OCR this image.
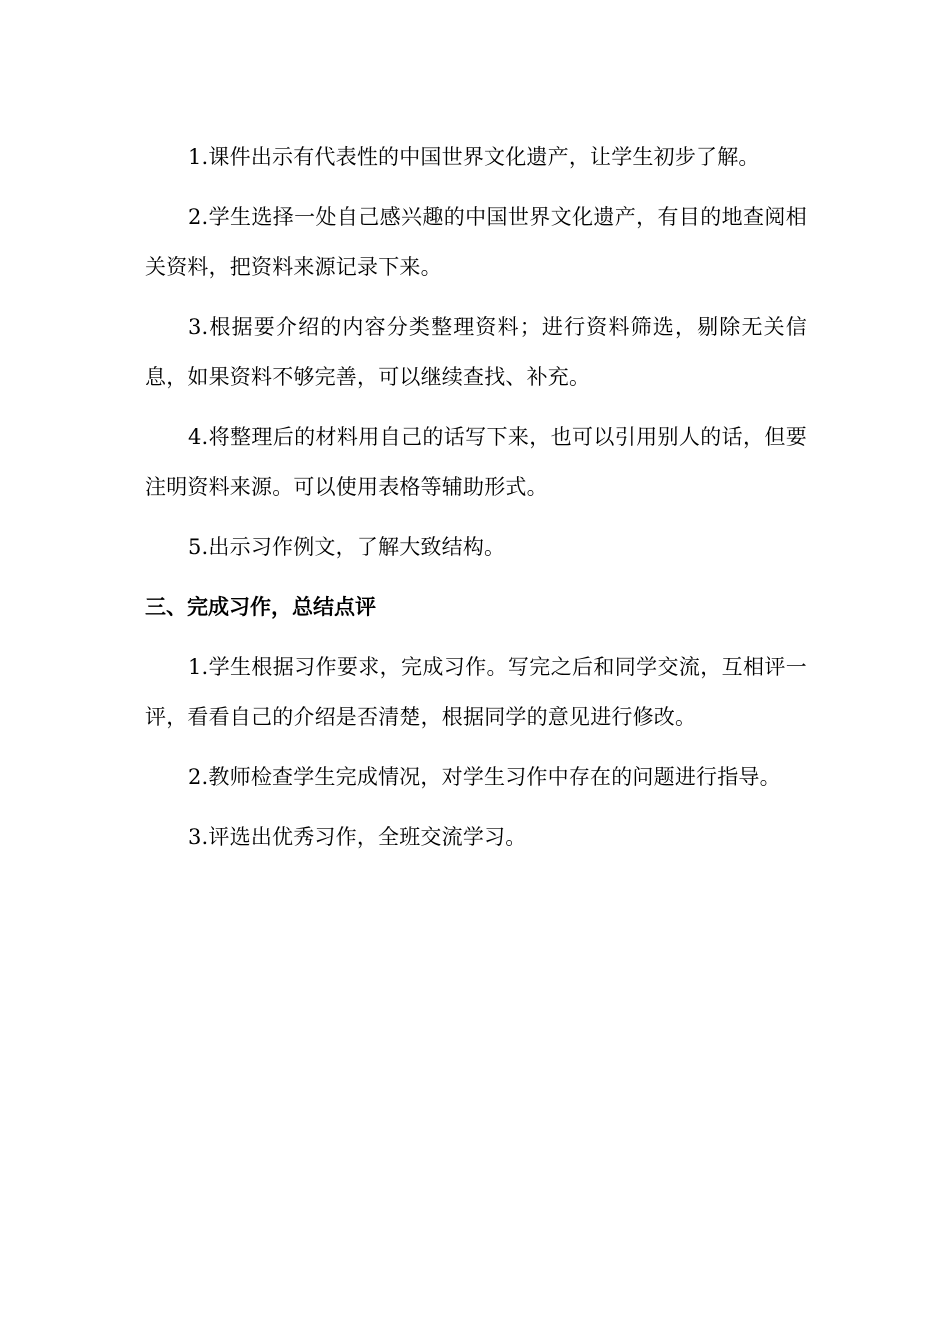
1.课件出示有代表性的中国世界文化遗产，让学生初步了解。

2.学生选择一处自己感兴趣的中国世界文化遗产，有目的地查阅相关资料，把资料来源记录下来。

3.根据要介绍的内容分类整理资料；进行资料筛选，剔除无关信息，如果资料不够完善，可以继续查找、补充。

4.将整理后的材料用自己的话写下来，也可以引用别人的话，但要注明资料来源。可以使用表格等辅助形式。

5.出示习作例文，了解大致结构。

三、完成习作，总结点评

1.学生根据习作要求，完成习作。写完之后和同学交流，互相评一评，看看自己的介绍是否清楚，根据同学的意见进行修改。

2.教师检查学生完成情况，对学生习作中存在的问题进行指导。

3.评选出优秀习作，全班交流学习。
